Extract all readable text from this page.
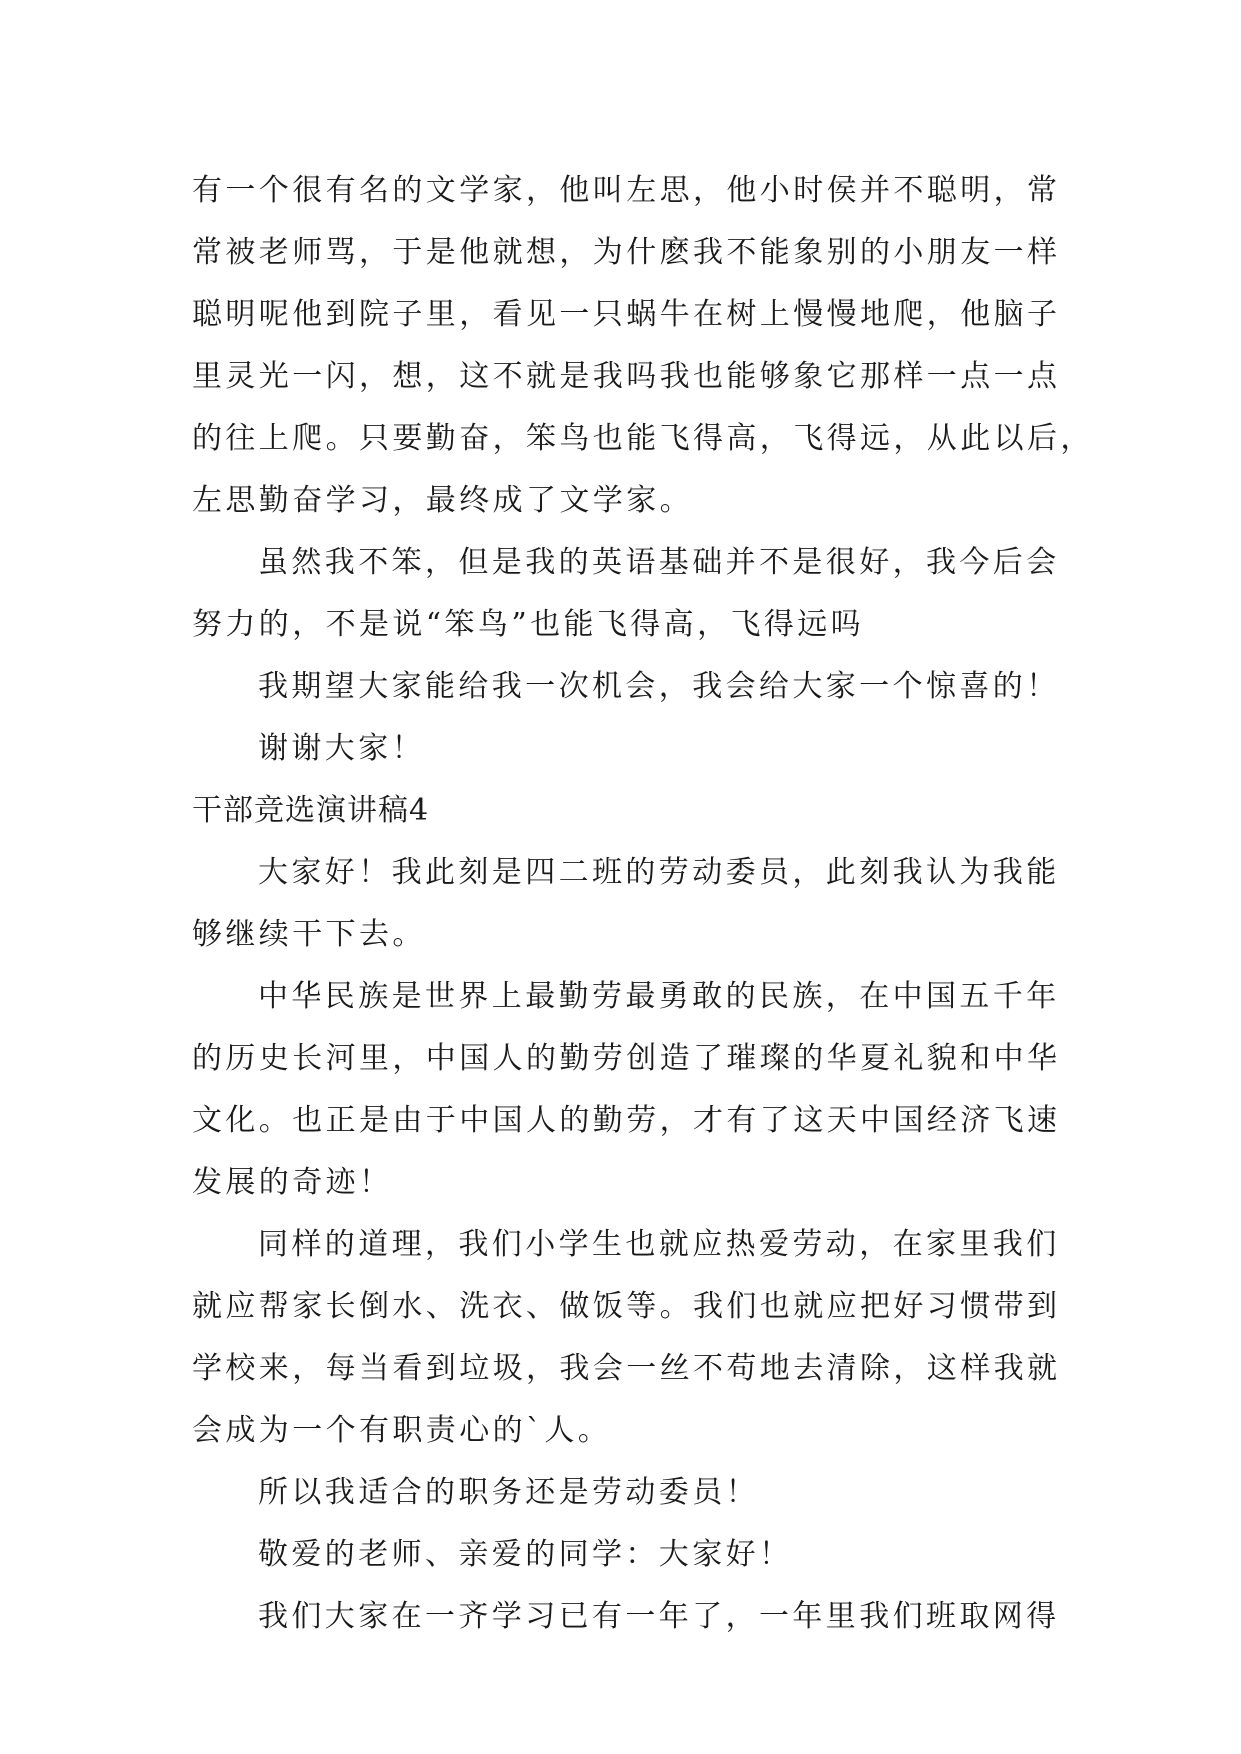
有一个很有名的文学家，他叫左思，他小时侯并不聪明，常
常被老师骂，于是他就想，为什麽我不能象别的小朋友一样
聪明呢他到院子里，看见一只蜗牛在树上慢慢地爬，他脑子
里灵光一闪，想，这不就是我吗我也能够象它那样一点一点
的往上爬。只要勤奋，笨鸟也能飞得高，飞得远，从此以后，
左思勤奋学习，最终成了文学家。

虽然我不笨，但是我的英语基础并不是很好，我今后会
努力的，不是说“笨鸟”也能飞得高，飞得远吗

我期望大家能给我一次机会，我会给大家一个惊喜的！

谢谢大家！

干部竞选演讲稿4

大家好！我此刻是四二班的劳动委员，此刻我认为我能
够继续干下去。

中华民族是世界上最勤劳最勇敢的民族，在中国五千年
的历史长河里，中国人的勤劳创造了璀璨的华夏礼貌和中华
文化。也正是由于中国人的勤劳，才有了这天中国经济飞速
发展的奇迹！

同样的道理，我们小学生也就应热爱劳动，在家里我们
就应帮家长倒水、洗衣、做饭等。我们也就应把好习惯带到
学校来，每当看到垃圾，我会一丝不苟地去清除，这样我就
会成为一个有职责心的`人。

所以我适合的职务还是劳动委员！

敬爱的老师、亲爱的同学：大家好！

我们大家在一齐学习已有一年了，一年里我们班取网得
